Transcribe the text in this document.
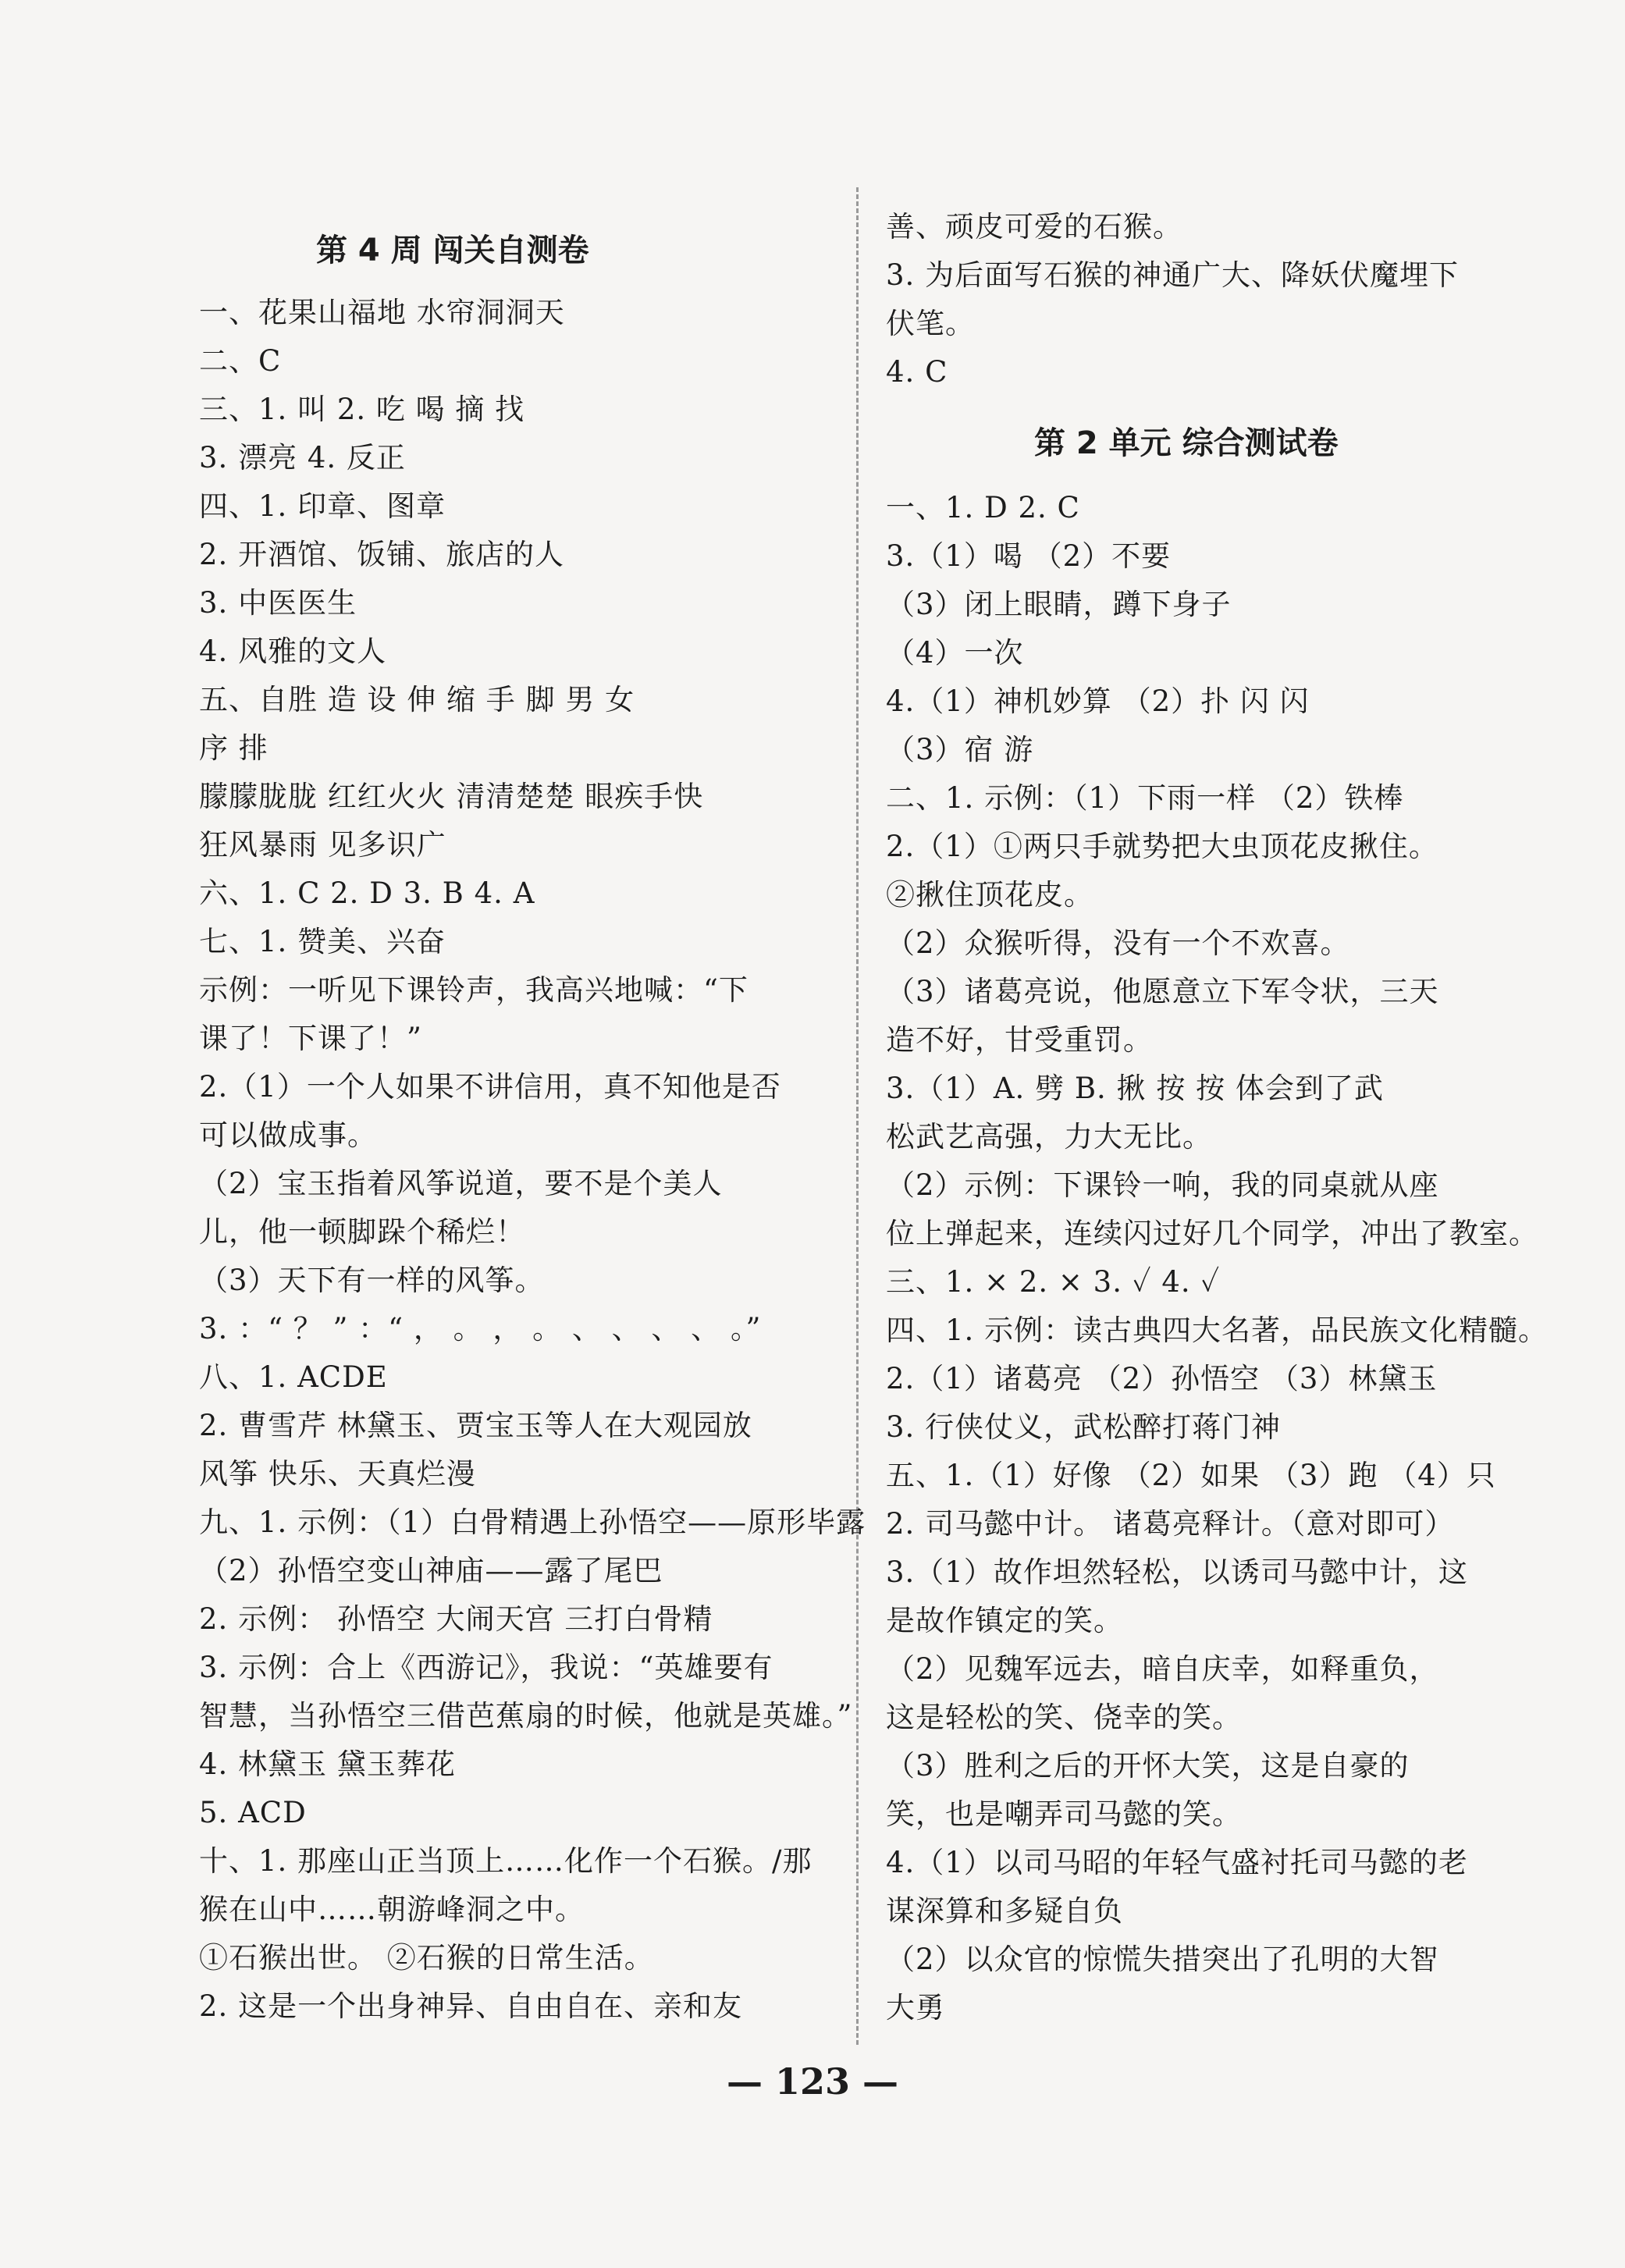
第 4 周 闯关自测卷
一、花果山福地 水帘洞洞天
二、C
三、1. 叫 2. 吃 喝 摘 找
3. 漂亮 4. 反正
四、1. 印章、图章
2. 开酒馆、饭铺、旅店的人
3. 中医医生
4. 风雅的文人
五、自胜 造 设 伸 缩 手 脚 男 女
序 排
朦朦胧胧 红红火火 清清楚楚 眼疾手快
狂风暴雨 见多识广
六、1. C 2. D 3. B 4. A
七、1. 赞美、兴奋
示例：一听见下课铃声，我高兴地喊：“下
课了！下课了！”
2.（1）一个人如果不讲信用，真不知他是否
可以做成事。
（2）宝玉指着风筝说道，要不是个美人
儿，他一顿脚跺个稀烂！
（3）天下有一样的风筝。
3. ：“ ？ ” ：“ ， 。 ， 。 、 、 、 、 。”
八、1. ACDE
2. 曹雪芹 林黛玉、贾宝玉等人在大观园放
风筝 快乐、天真烂漫
九、1. 示例：（1）白骨精遇上孙悟空——原形毕露
（2）孙悟空变山神庙——露了尾巴
2. 示例： 孙悟空 大闹天宫 三打白骨精
3. 示例：合上《西游记》，我说：“英雄要有
智慧，当孙悟空三借芭蕉扇的时候，他就是英雄。”
4. 林黛玉 黛玉葬花
5. ACD
十、1. 那座山正当顶上……化作一个石猴。/那
猴在山中……朝游峰洞之中。
①石猴出世。 ②石猴的日常生活。
2. 这是一个出身神异、自由自在、亲和友
善、顽皮可爱的石猴。
3. 为后面写石猴的神通广大、降妖伏魔埋下
伏笔。
4. C
第 2 单元 综合测试卷
一、1. D 2. C
3.（1）喝 （2）不要
（3）闭上眼睛，蹲下身子
（4）一次
4.（1）神机妙算 （2）扑 闪 闪
（3）宿 游
二、1. 示例：（1）下雨一样 （2）铁棒
2.（1）①两只手就势把大虫顶花皮揪住。
②揪住顶花皮。
（2）众猴听得，没有一个不欢喜。
（3）诸葛亮说，他愿意立下军令状，三天
造不好，甘受重罚。
3.（1）A. 劈 B. 揪 按 按 体会到了武
松武艺高强，力大无比。
（2）示例：下课铃一响，我的同桌就从座
位上弹起来，连续闪过好几个同学，冲出了教室。
三、1. × 2. × 3. ✓ 4. ✓
四、1. 示例：读古典四大名著，品民族文化精髓。
2.（1）诸葛亮 （2）孙悟空 （3）林黛玉
3. 行侠仗义，武松醉打蒋门神
五、1.（1）好像 （2）如果 （3）跑 （4）只
2. 司马懿中计。 诸葛亮释计。（意对即可）
3.（1）故作坦然轻松，以诱司马懿中计，这
是故作镇定的笑。
（2）见魏军远去，暗自庆幸，如释重负，
这是轻松的笑、侥幸的笑。
（3）胜利之后的开怀大笑，这是自豪的
笑，也是嘲弄司马懿的笑。
4.（1）以司马昭的年轻气盛衬托司马懿的老
谋深算和多疑自负
（2）以众官的惊慌失措突出了孔明的大智
大勇
— 123 —
